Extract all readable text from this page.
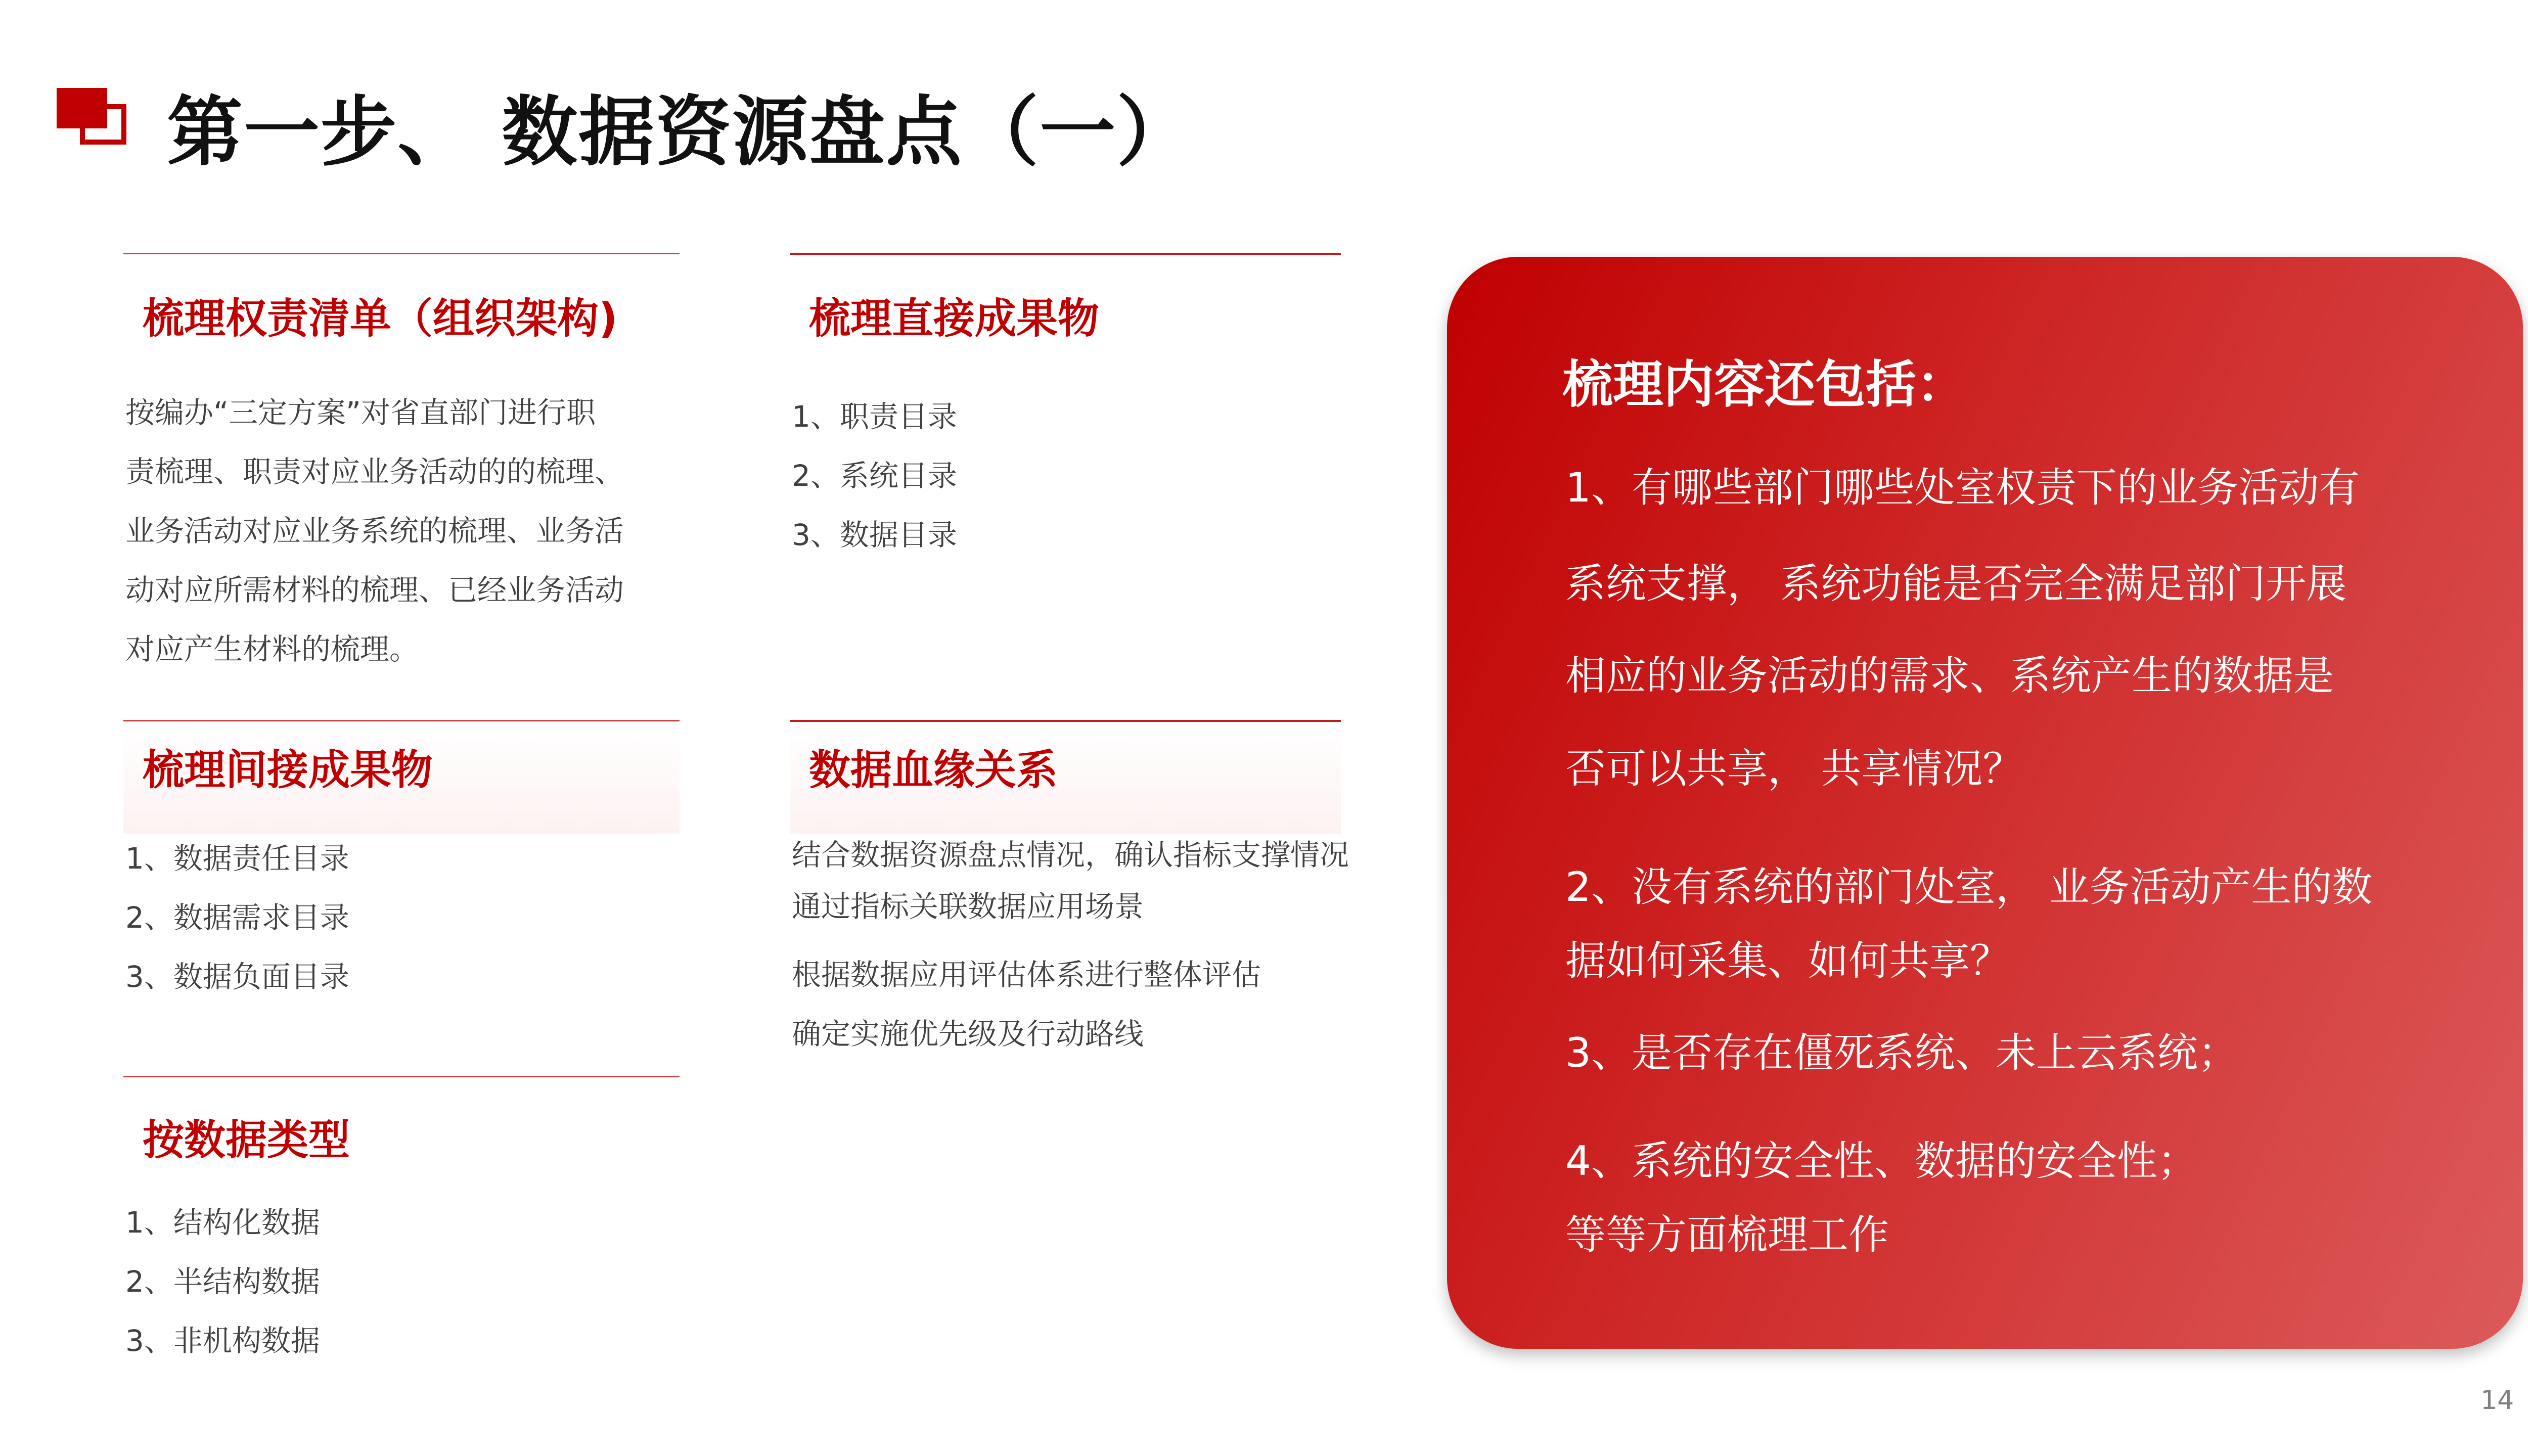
第一步、 数据资源盘点（一）
梳理权责清单（组织架构)
按编办“三定方案”对省直部门进行职
责梳理、职责对应业务活动的的梳理、
业务活动对应业务系统的梳理、业务活
动对应所需材料的梳理、已经业务活动
对应产生材料的梳理。
梳理直接成果物
1、职责目录
2、系统目录
3、数据目录
梳理间接成果物
1、数据责任目录
2、数据需求目录
3、数据负面目录
数据血缘关系
结合数据资源盘点情况，确认指标支撑情况
通过指标关联数据应用场景
根据数据应用评估体系进行整体评估
确定实施优先级及行动路线
按数据类型
1、结构化数据
2、半结构数据
3、非机构数据
梳理内容还包括：
1、有哪些部门哪些处室权责下的业务活动有
系统支撑， 系统功能是否完全满足部门开展
相应的业务活动的需求、系统产生的数据是
否可以共享， 共享情况？
2、没有系统的部门处室， 业务活动产生的数
据如何采集、如何共享？
3、是否存在僵死系统、未上云系统；
4、系统的安全性、数据的安全性；
等等方面梳理工作
14
